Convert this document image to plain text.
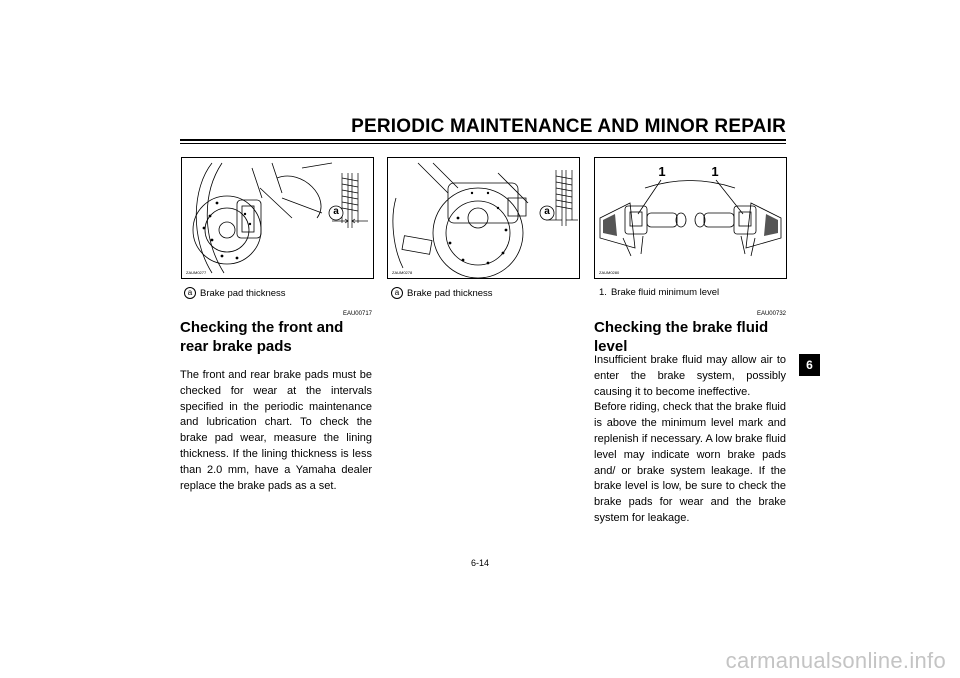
PERIODIC MAINTENANCE AND MINOR REPAIR
a
ZAUM0277
a
ZAUM0278
1	1
ZAUM0280
a Brake pad thickness	a Brake pad thickness	1. Brake fluid minimum level
EAU00717
Checking the front and rear brake pads
The front and rear brake pads must be checked for wear at the intervals specified in the periodic maintenance and lubrication chart. To check the brake pad wear, measure the lining thickness. If the lining thickness is less than 2.0 mm, have a Yamaha dealer replace the brake pads as a set.
EAU00732
Checking the brake fluid level
Insufficient brake fluid may allow air to enter the brake system, possibly causing it to become ineffective.
Before riding, check that the brake fluid is above the minimum level mark and replenish if necessary. A low brake fluid level may indicate worn brake pads and/ or brake system leakage. If the brake level is low, be sure to check the brake pads for wear and the brake system for leakage.
6
6-14
carmanualsonline.info
